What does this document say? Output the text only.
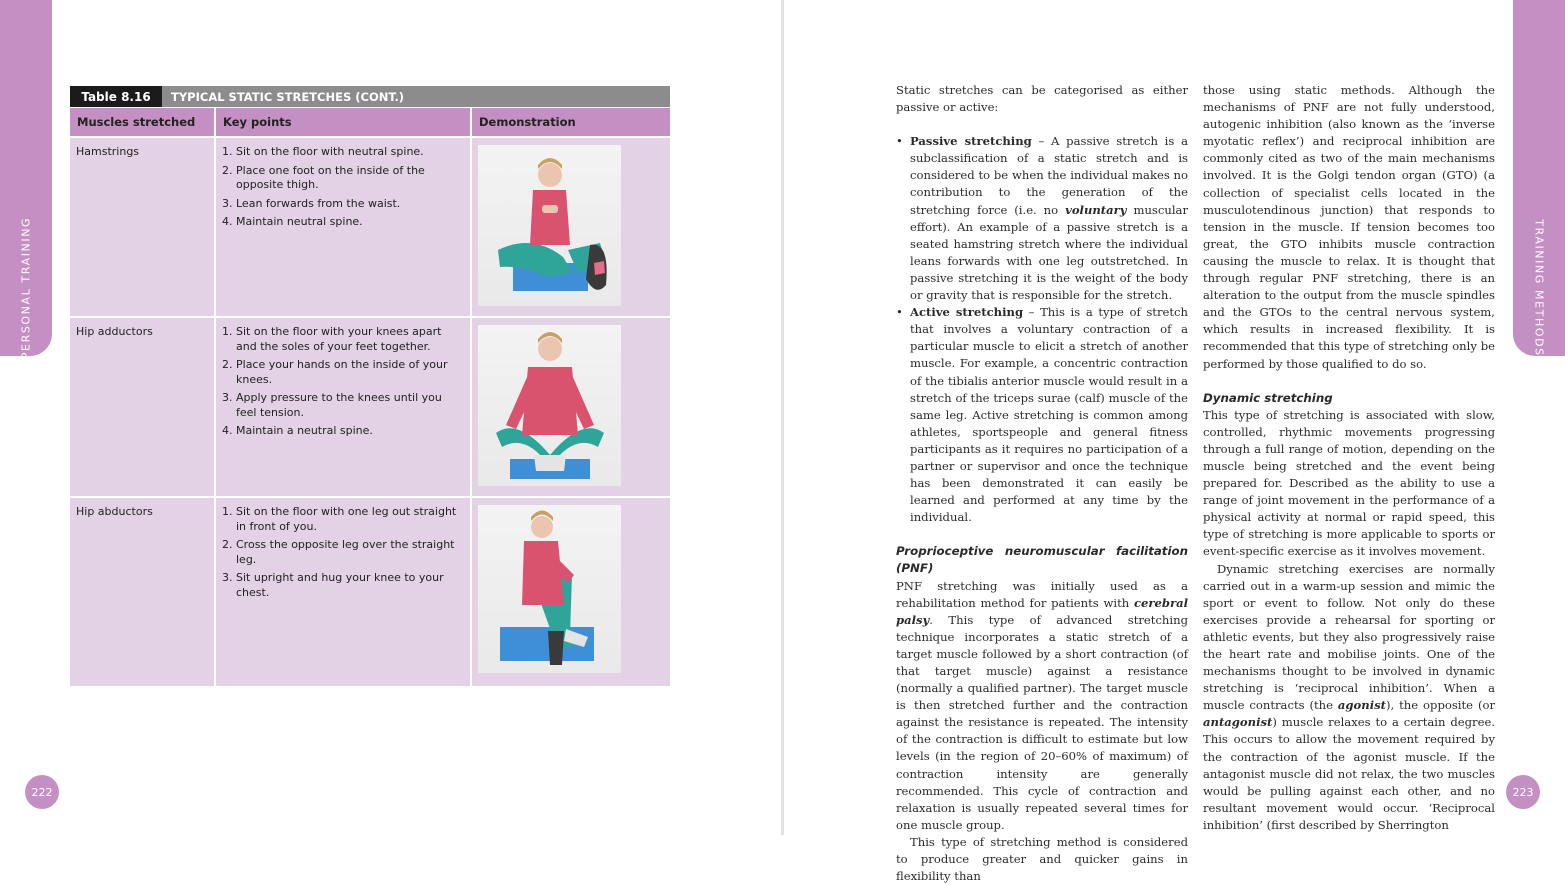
PERSONAL TRAINING
222
Table 8.16	TYPICAL STATIC STRETCHES (CONT.)
Muscles stretched	Key points	Demonstration
Hamstrings	1. Sit on the floor with neutral spine.
2. Place one foot on the inside of the opposite thigh.
3. Lean forwards from the waist.
4. Maintain neutral spine.
Hip adductors	1. Sit on the floor with your knees apart and the soles of your feet together.
2. Place your hands on the inside of your knees.
3. Apply pressure to the knees until you feel tension.
4. Maintain a neutral spine.
Hip abductors	1. Sit on the floor with one leg out straight in front of you.
2. Cross the opposite leg over the straight leg.
3. Sit upright and hug your knee to your chest.
TRAINING METHODS
223

Static stretches can be categorised as either passive or active:

• Passive stretching – A passive stretch is a subclassification of a static stretch and is considered to be when the individual makes no contribution to the generation of the stretching force (i.e. no voluntary muscular effort). An example of a passive stretch is a seated hamstring stretch where the individual leans forwards with one leg outstretched. In passive stretching it is the weight of the body or gravity that is responsible for the stretch.
• Active stretching – This is a type of stretch that involves a voluntary contraction of a particular muscle to elicit a stretch of another muscle. For example, a concentric contraction of the tibialis anterior muscle would result in a stretch of the triceps surae (calf) muscle of the same leg. Active stretching is common among athletes, sportspeople and general fitness participants as it requires no participation of a partner or supervisor and once the technique has been demonstrated it can easily be learned and performed at any time by the individual.
Proprioceptive neuromuscular facilitation (PNF)

PNF stretching was initially used as a rehabilitation method for patients with cerebral palsy. This type of advanced stretching technique incorporates a static stretch of a target muscle followed by a short contraction (of that target muscle) against a resistance (normally a qualified partner). The target muscle is then stretched further and the contraction against the resistance is repeated. The intensity of the contraction is difficult to estimate but low levels (in the region of 20–60% of maximum) of contraction intensity are generally recommended. This cycle of contraction and relaxation is usually repeated several times for one muscle group.

This type of stretching method is considered to produce greater and quicker gains in flexibility than

those using static methods. Although the mechanisms of PNF are not fully understood, autogenic inhibition (also known as the ‘inverse myotatic reflex’) and reciprocal inhibition are commonly cited as two of the main mechanisms involved. It is the Golgi tendon organ (GTO) (a collection of specialist cells located in the musculotendinous junction) that responds to tension in the muscle. If tension becomes too great, the GTO inhibits muscle contraction causing the muscle to relax. It is thought that through regular PNF stretching, there is an alteration to the output from the muscle spindles and the GTOs to the central nervous system, which results in increased flexibility. It is recommended that this type of stretching only be performed by those qualified to do so.

Dynamic stretching

This type of stretching is associated with slow, controlled, rhythmic movements progressing through a full range of motion, depending on the muscle being stretched and the event being prepared for. Described as the ability to use a range of joint movement in the performance of a physical activity at normal or rapid speed, this type of stretching is more applicable to sports or event-specific exercise as it involves movement.

Dynamic stretching exercises are normally carried out in a warm-up session and mimic the sport or event to follow. Not only do these exercises provide a rehearsal for sporting or athletic events, but they also progressively raise the heart rate and mobilise joints. One of the mechanisms thought to be involved in dynamic stretching is ‘reciprocal inhibition’. When a muscle contracts (the agonist), the opposite (or antagonist) muscle relaxes to a certain degree. This occurs to allow the movement required by the contraction of the agonist muscle. If the antagonist muscle did not relax, the two muscles would be pulling against each other, and no resultant movement would occur. ‘Reciprocal inhibition’ (first described by Sherrington
